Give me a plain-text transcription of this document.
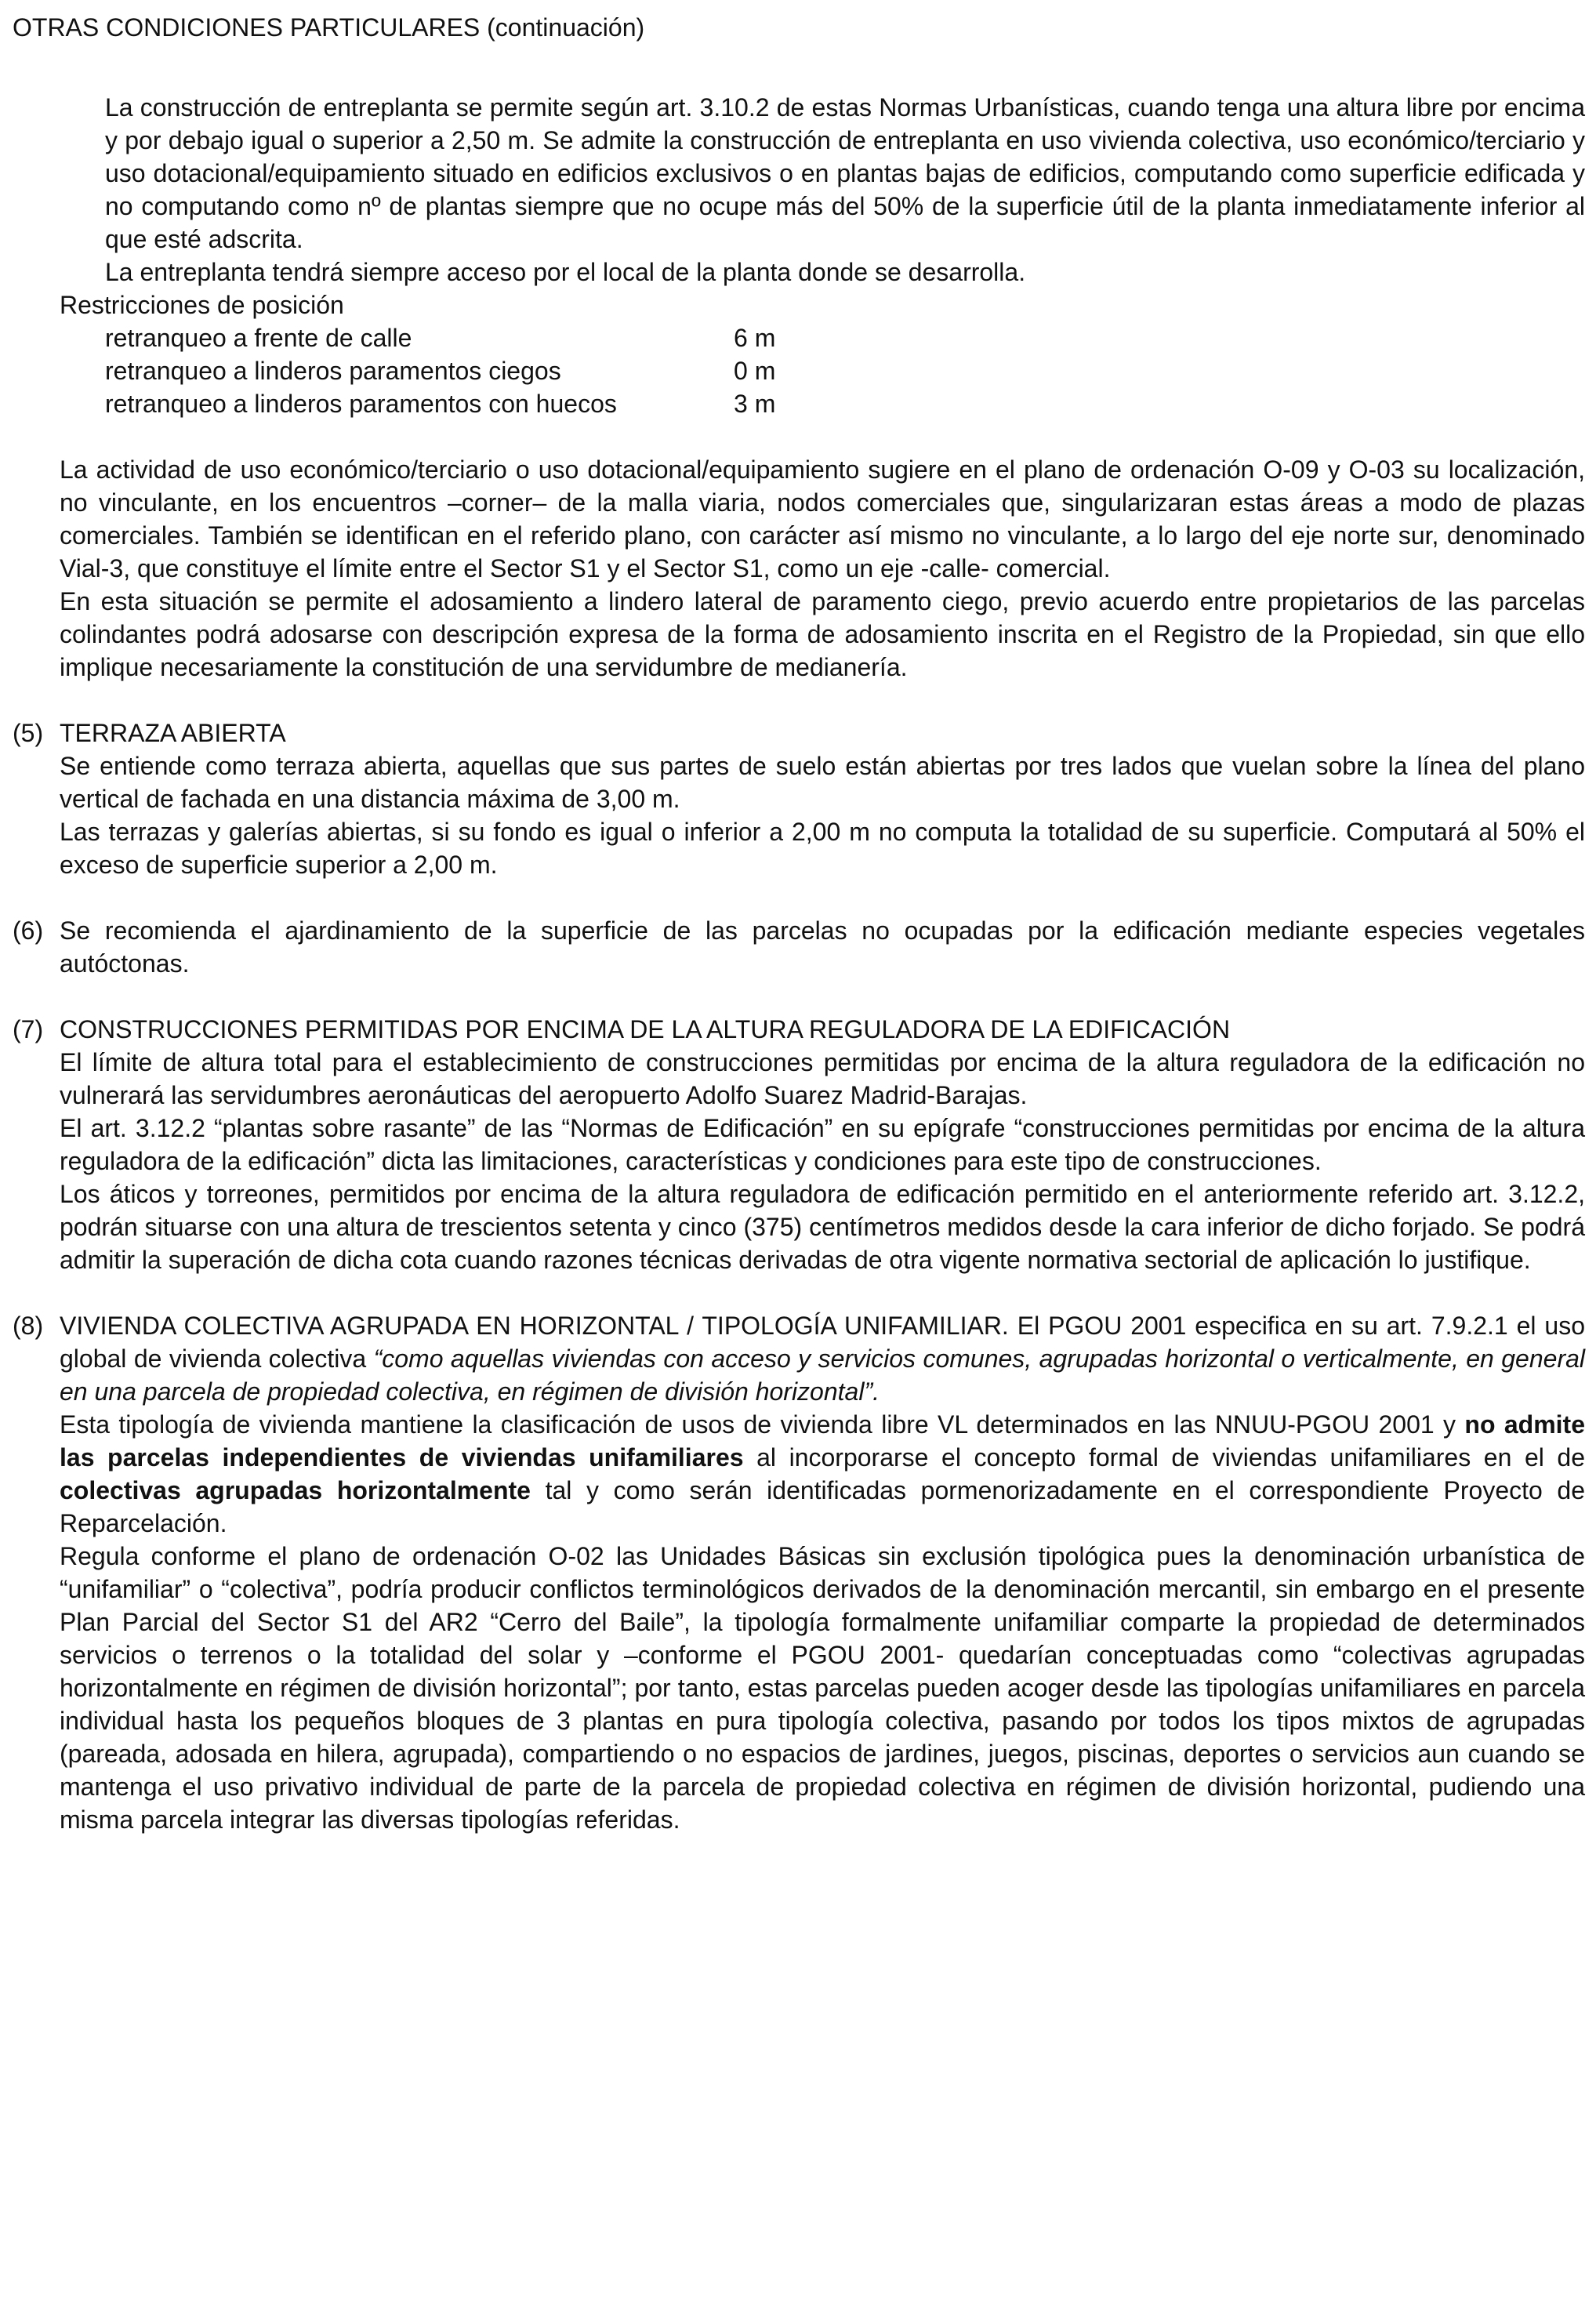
OTRAS CONDICIONES PARTICULARES (continuación)

La construcción de entreplanta se permite según art. 3.10.2 de estas Normas Urbanísticas, cuando tenga una altura libre por encima y por debajo igual o superior a 2,50 m. Se admite la construcción de entreplanta en uso vivienda colectiva, uso económico/terciario y uso dotacional/equipamiento situado en edificios exclusivos o en plantas bajas de edificios, computando como superficie edificada y no computando como nº de plantas siempre que no ocupe más del 50% de la superficie útil de la planta inmediatamente inferior al que esté adscrita.

La entreplanta tendrá siempre acceso por el local de la planta donde se desarrolla.

Restricciones de posición

retranqueo a frente de calle	6 m
retranqueo a linderos paramentos ciegos	0 m
retranqueo a linderos paramentos con huecos	3 m

La actividad de uso económico/terciario o uso dotacional/equipamiento sugiere en el plano de ordenación O-09 y O-03 su localización, no vinculante, en los encuentros –corner– de la malla viaria, nodos comerciales que, singularizaran estas áreas a modo de plazas comerciales. También se identifican en el referido plano, con carácter así mismo no vinculante, a lo largo del eje norte sur, denominado Vial-3, que constituye el límite entre el Sector S1 y el Sector S1, como un eje -calle- comercial.

En esta situación se permite el adosamiento a lindero lateral de paramento ciego, previo acuerdo entre propietarios de las parcelas colindantes podrá adosarse con descripción expresa de la forma de adosamiento inscrita en el Registro de la Propiedad, sin que ello implique necesariamente la constitución de una servidumbre de medianería.

(5) TERRAZA ABIERTA

Se entiende como terraza abierta, aquellas que sus partes de suelo están abiertas por tres lados que vuelan sobre la línea del plano vertical de fachada en una distancia máxima de 3,00 m.

Las terrazas y galerías abiertas, si su fondo es igual o inferior a 2,00 m no computa la totalidad de su superficie. Computará al 50% el exceso de superficie superior a 2,00 m.

(6) Se recomienda el ajardinamiento de la superficie de las parcelas no ocupadas por la edificación mediante especies vegetales autóctonas.

(7) CONSTRUCCIONES PERMITIDAS POR ENCIMA DE LA ALTURA REGULADORA DE LA EDIFICACIÓN

El límite de altura total para el establecimiento de construcciones permitidas por encima de la altura reguladora de la edificación no vulnerará las servidumbres aeronáuticas del aeropuerto Adolfo Suarez Madrid-Barajas.

El art. 3.12.2 “plantas sobre rasante” de las “Normas de Edificación” en su epígrafe “construcciones permitidas por encima de la altura reguladora de la edificación” dicta las limitaciones, características y condiciones para este tipo de construcciones.

Los áticos y torreones, permitidos por encima de la altura reguladora de edificación permitido en el anteriormente referido art. 3.12.2, podrán situarse con una altura de trescientos setenta y cinco (375) centímetros medidos desde la cara inferior de dicho forjado. Se podrá admitir la superación de dicha cota cuando razones técnicas derivadas de otra vigente normativa sectorial de aplicación lo justifique.

(8) VIVIENDA COLECTIVA AGRUPADA EN HORIZONTAL / TIPOLOGÍA UNIFAMILIAR. El PGOU 2001 especifica en su art. 7.9.2.1 el uso global de vivienda colectiva “como aquellas viviendas con acceso y servicios comunes, agrupadas horizontal o verticalmente, en general en una parcela de propiedad colectiva, en régimen de división horizontal”.

Esta tipología de vivienda mantiene la clasificación de usos de vivienda libre VL determinados en las NNUU-PGOU 2001 y no admite las parcelas independientes de viviendas unifamiliares al incorporarse el concepto formal de viviendas unifamiliares en el de colectivas agrupadas horizontalmente tal y como serán identificadas pormenorizadamente en el correspondiente Proyecto de Reparcelación.

Regula conforme el plano de ordenación O-02 las Unidades Básicas sin exclusión tipológica pues la denominación urbanística de “unifamiliar” o “colectiva”, podría producir conflictos terminológicos derivados de la denominación mercantil, sin embargo en el presente Plan Parcial del Sector S1 del AR2 “Cerro del Baile”, la tipología formalmente unifamiliar comparte la propiedad de determinados servicios o terrenos o la totalidad del solar y –conforme el PGOU 2001- quedarían conceptuadas como “colectivas agrupadas horizontalmente en régimen de división horizontal”; por tanto, estas parcelas pueden acoger desde las tipologías unifamiliares en parcela individual hasta los pequeños bloques de 3 plantas en pura tipología colectiva, pasando por todos los tipos mixtos de agrupadas (pareada, adosada en hilera, agrupada), compartiendo o no espacios de jardines, juegos, piscinas, deportes o servicios aun cuando se mantenga el uso privativo individual de parte de la parcela de propiedad colectiva en régimen de división horizontal, pudiendo una misma parcela integrar las diversas tipologías referidas.
